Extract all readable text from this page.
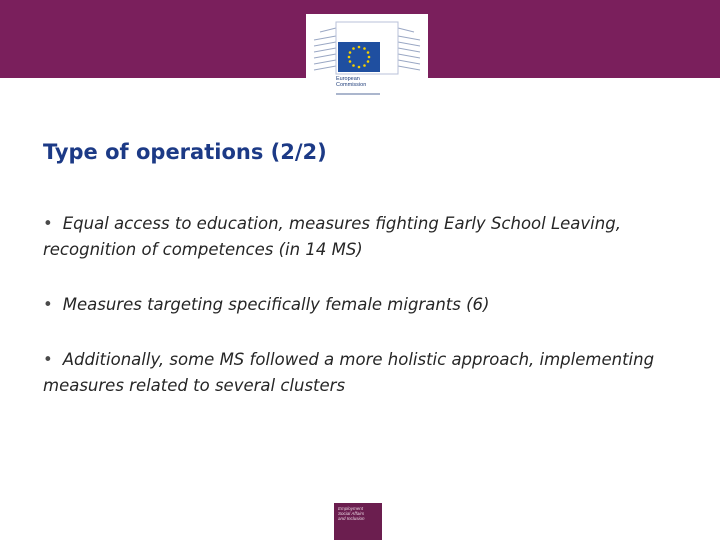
European
Commission
Type of operations (2/2)

• Equal access to education, measures fighting Early School Leaving, recognition of competences (in 14 MS)

• Measures targeting specifically female migrants (6)

• Additionally, some MS followed a more holistic approach, implementing measures related to several clusters

Employment
Social Affairs
and Inclusion
